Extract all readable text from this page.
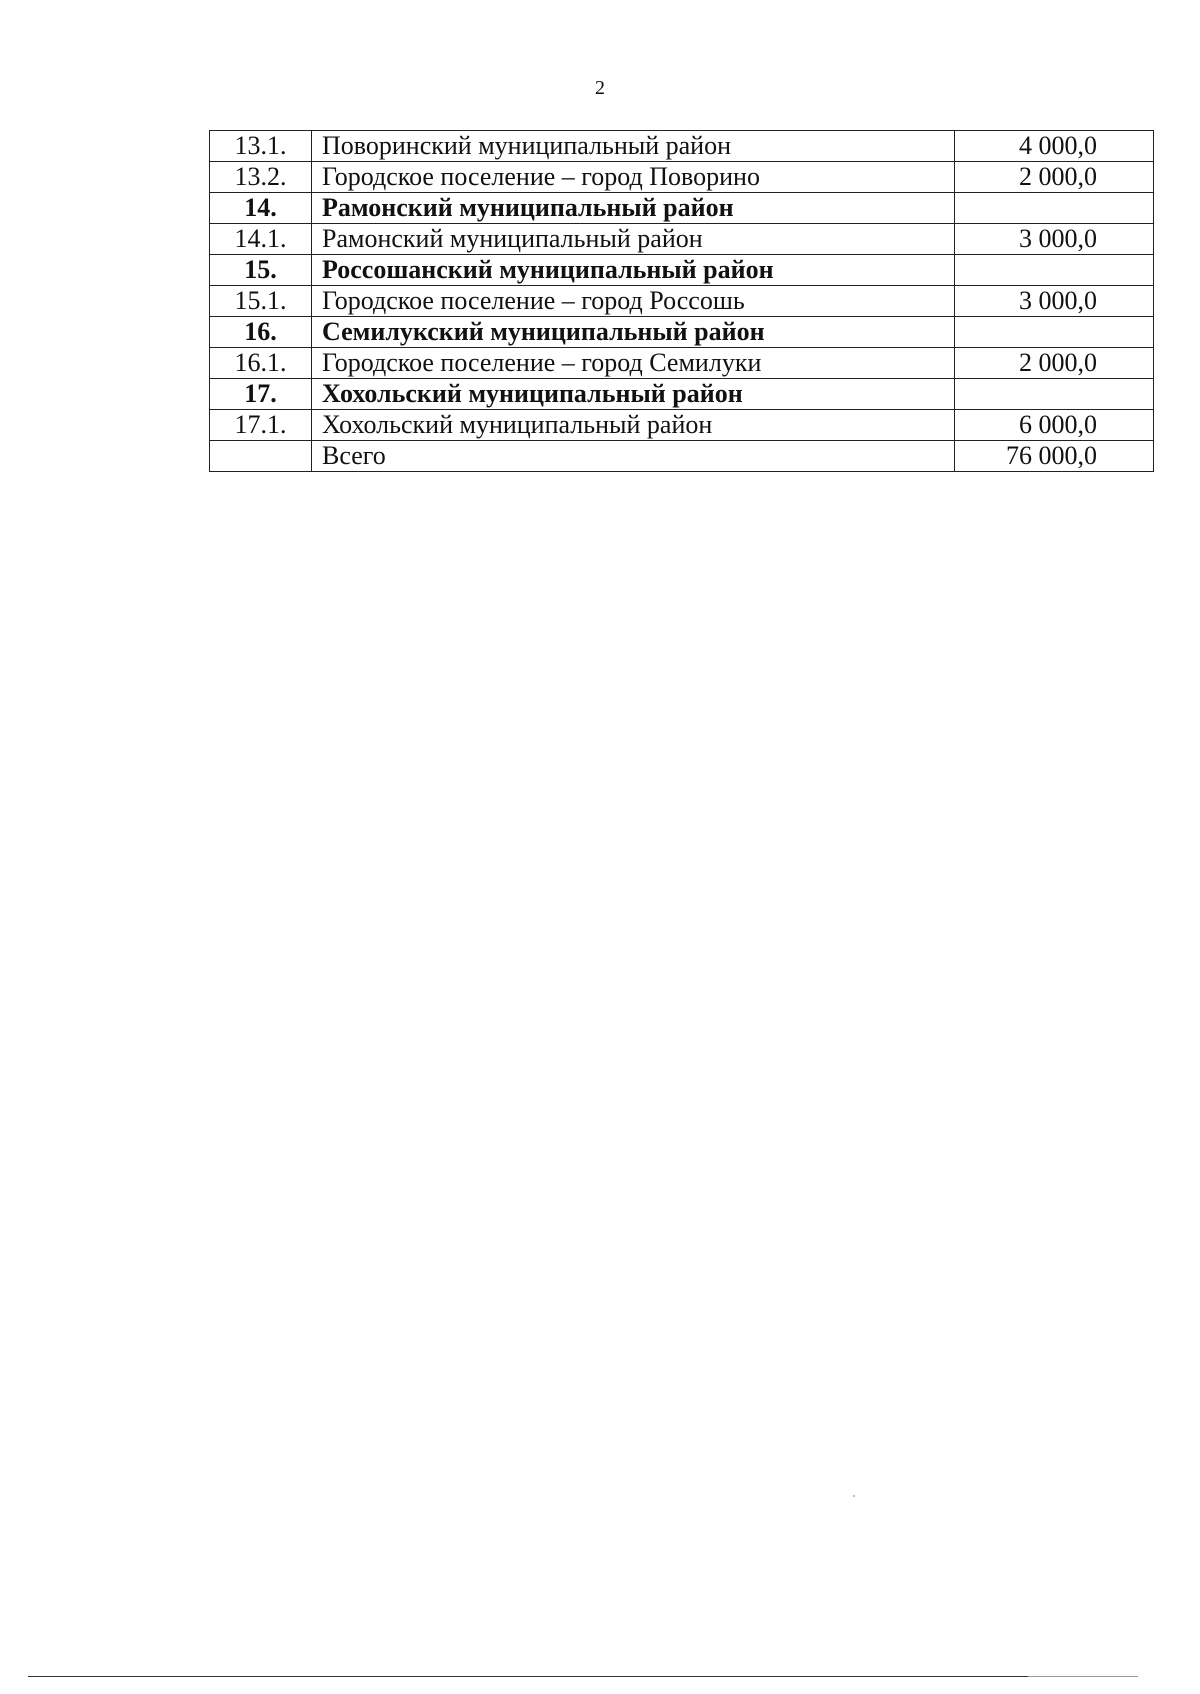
2
13.1.	Поворинский муниципальный район	4 000,0
13.2.	Городское поселение – город Поворино	2 000,0
14.	Рамонский муниципальный район	
14.1.	Рамонский муниципальный район	3 000,0
15.	Россошанский муниципальный район	
15.1.	Городское поселение – город Россошь	3 000,0
16.	Семилукский муниципальный район	
16.1.	Городское поселение – город Семилуки	2 000,0
17.	Хохольский муниципальный район	
17.1.	Хохольский муниципальный район	6 000,0
	Всего	76 000,0
